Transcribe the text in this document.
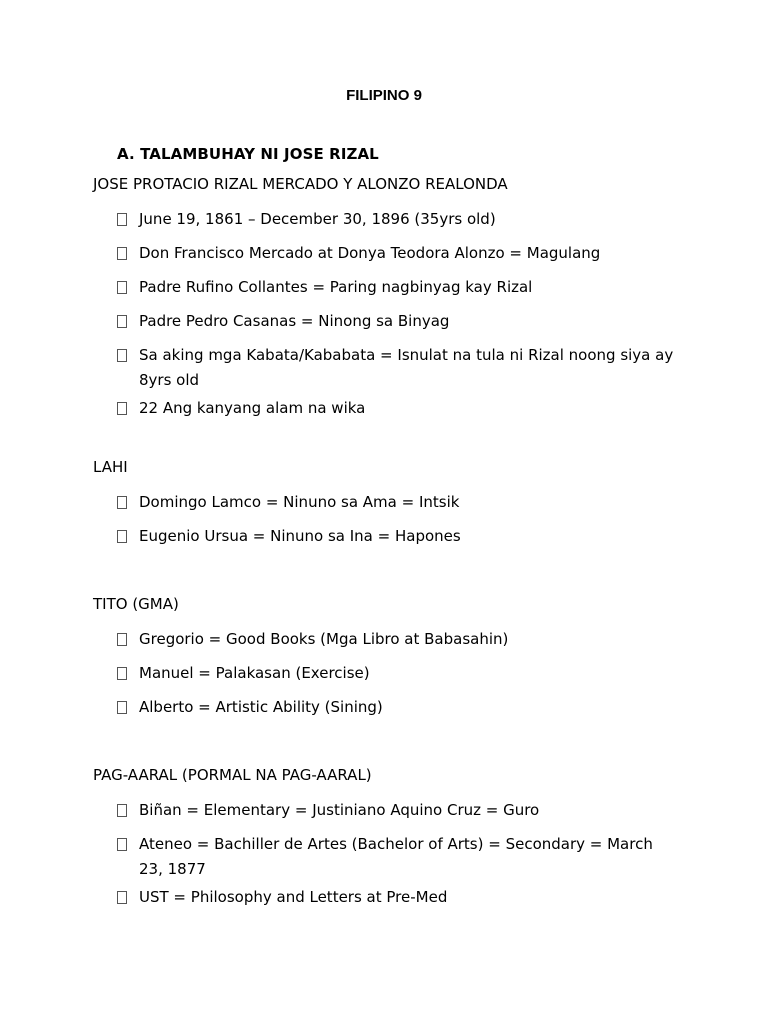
FILIPINO 9
A. TALAMBUHAY NI JOSE RIZAL
JOSE PROTACIO RIZAL MERCADO Y ALONZO REALONDA
June 19, 1861 – December 30, 1896 (35yrs old)
Don Francisco Mercado at Donya Teodora Alonzo = Magulang
Padre Rufino Collantes = Paring nagbinyag kay Rizal
Padre Pedro Casanas = Ninong sa Binyag
Sa aking mga Kabata/Kababata = Isnulat na tula ni Rizal noong siya ay 8yrs old
22 Ang kanyang alam na wika
LAHI
Domingo Lamco = Ninuno sa Ama = Intsik
Eugenio Ursua = Ninuno sa Ina = Hapones
TITO (GMA)
Gregorio = Good Books (Mga Libro at Babasahin)
Manuel = Palakasan (Exercise)
Alberto = Artistic Ability (Sining)
PAG-AARAL (PORMAL NA PAG-AARAL)
Biñan = Elementary = Justiniano Aquino Cruz = Guro
Ateneo = Bachiller de Artes (Bachelor of Arts) = Secondary = March 23, 1877
UST = Philosophy and Letters at Pre-Med
